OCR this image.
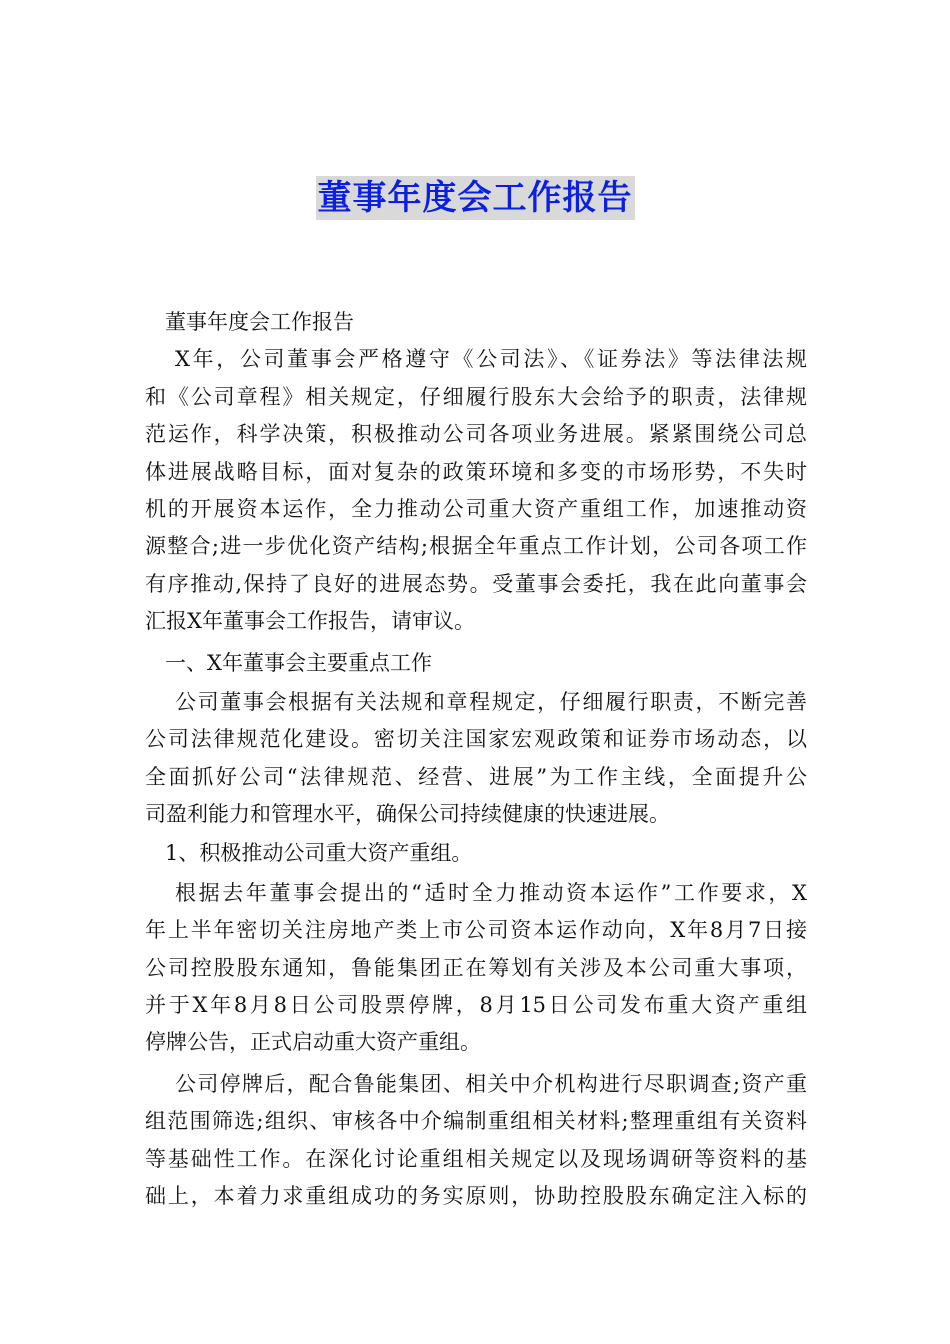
董事年度会工作报告
董事年度会工作报告
X年，公司董事会严格遵守《公司法》、《证券法》等法律法规
和《公司章程》相关规定，仔细履行股东大会给予的职责，法律规
范运作，科学决策，积极推动公司各项业务进展。紧紧围绕公司总
体进展战略目标，面对复杂的政策环境和多变的市场形势，不失时
机的开展资本运作，全力推动公司重大资产重组工作，加速推动资
源整合;进一步优化资产结构;根据全年重点工作计划，公司各项工作
有序推动,保持了良好的进展态势。受董事会委托，我在此向董事会
汇报X年董事会工作报告，请审议。
一、X年董事会主要重点工作
公司董事会根据有关法规和章程规定，仔细履行职责，不断完善
公司法律规范化建设。密切关注国家宏观政策和证券市场动态，以
全面抓好公司“法律规范、经营、进展”为工作主线，全面提升公
司盈利能力和管理水平，确保公司持续健康的快速进展。
1、积极推动公司重大资产重组。
根据去年董事会提出的“适时全力推动资本运作”工作要求，X
年上半年密切关注房地产类上市公司资本运作动向，X年8月7日接
公司控股股东通知，鲁能集团正在筹划有关涉及本公司重大事项，
并于X年8月8日公司股票停牌，8月15日公司发布重大资产重组
停牌公告，正式启动重大资产重组。
公司停牌后，配合鲁能集团、相关中介机构进行尽职调查;资产重
组范围筛选;组织、审核各中介编制重组相关材料;整理重组有关资料
等基础性工作。在深化讨论重组相关规定以及现场调研等资料的基
础上，本着力求重组成功的务实原则，协助控股股东确定注入标的
